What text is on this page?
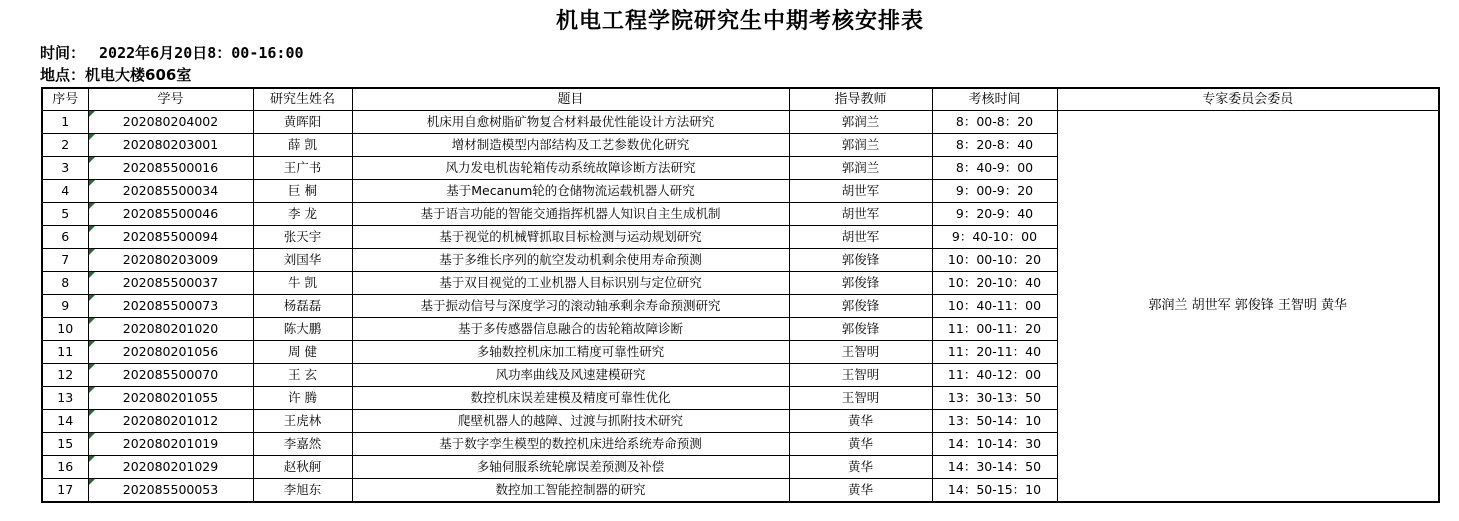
机电工程学院研究生中期考核安排表
时间： 2022年6月20日8：00-16:00
地点：机电大楼606室
序号	学号	研究生姓名	题目	指导教师	考核时间	专家委员会委员
1	202080204002	黄晖阳	机床用自愈树脂矿物复合材料最优性能设计方法研究	郭润兰	8：00-8：20	郭润兰 胡世军 郭俊锋 王智明 黄华
2	202080203001	薛 凯	增材制造模型内部结构及工艺参数优化研究	郭润兰	8：20-8：40	
3	202085500016	王广书	风力发电机齿轮箱传动系统故障诊断方法研究	郭润兰	8：40-9：00	
4	202085500034	巨 桐	基于Mecanum轮的仓储物流运载机器人研究	胡世军	9：00-9：20	
5	202085500046	李 龙	基于语言功能的智能交通指挥机器人知识自主生成机制	胡世军	9：20-9：40	
6	202085500094	张天宇	基于视觉的机械臂抓取目标检测与运动规划研究	胡世军	9：40-10：00	
7	202080203009	刘国华	基于多维长序列的航空发动机剩余使用寿命预测	郭俊锋	10：00-10：20	
8	202085500037	牛 凯	基于双目视觉的工业机器人目标识别与定位研究	郭俊锋	10：20-10：40	
9	202085500073	杨磊磊	基于振动信号与深度学习的滚动轴承剩余寿命预测研究	郭俊锋	10：40-11：00	
10	202080201020	陈大鹏	基于多传感器信息融合的齿轮箱故障诊断	郭俊锋	11：00-11：20	
11	202080201056	周 健	多轴数控机床加工精度可靠性研究	王智明	11：20-11：40	
12	202085500070	王 玄	风功率曲线及风速建模研究	王智明	11：40-12：00	
13	202080201055	许 腾	数控机床误差建模及精度可靠性优化	王智明	13：30-13：50	
14	202080201012	王虎林	爬壁机器人的越障、过渡与抓附技术研究	黄华	13：50-14：10	
15	202080201019	李嘉然	基于数字孪生模型的数控机床进给系统寿命预测	黄华	14：10-14：30	
16	202080201029	赵秋舸	多轴伺服系统轮廓误差预测及补偿	黄华	14：30-14：50	
17	202085500053	李旭东	数控加工智能控制器的研究	黄华	14：50-15：10	
